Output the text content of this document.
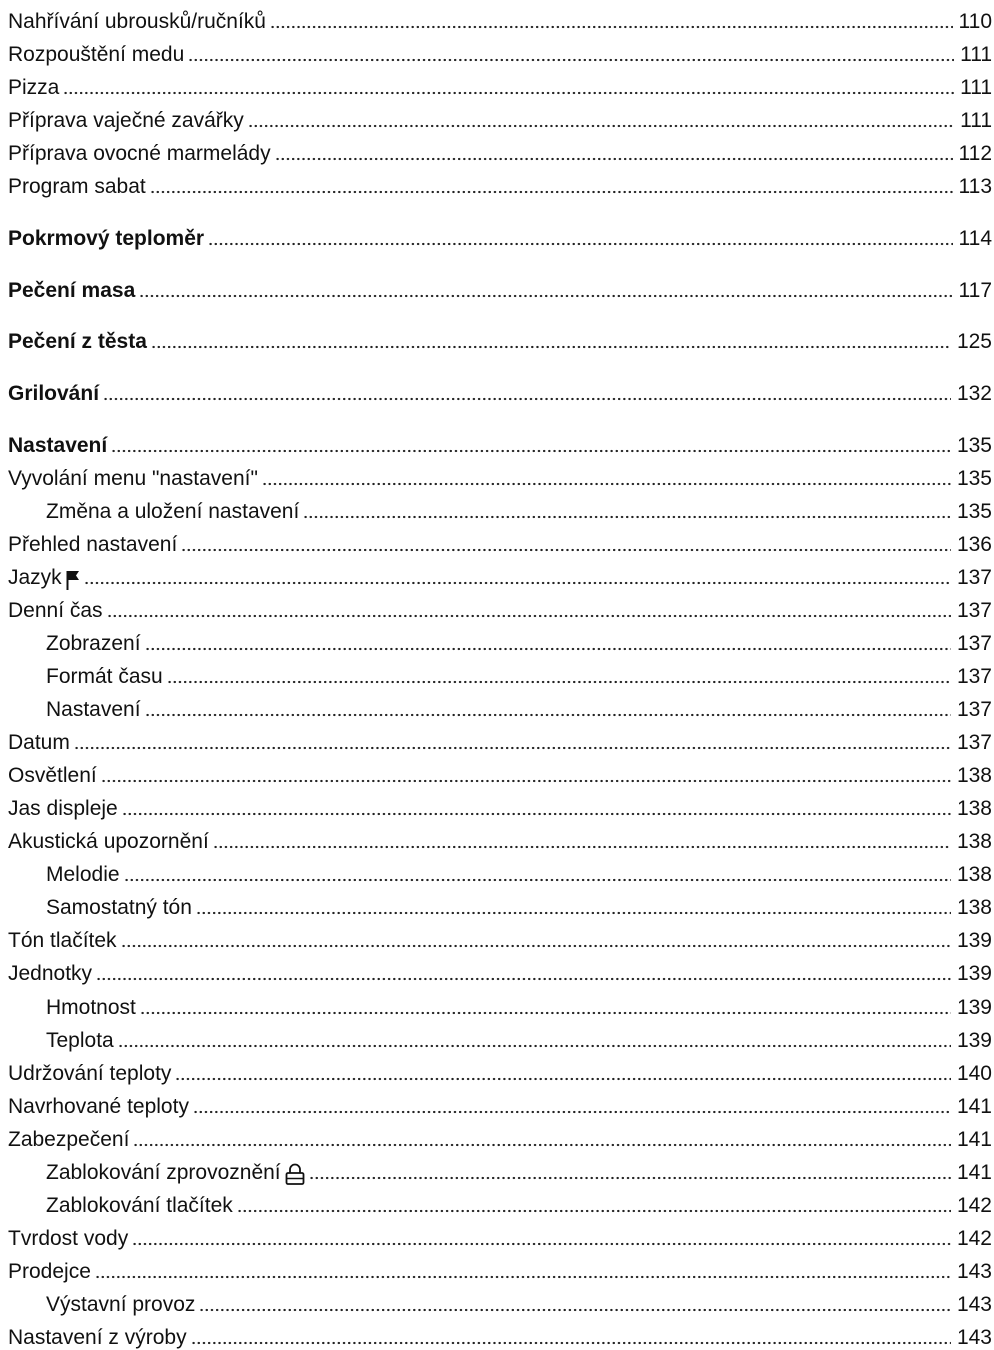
Nahřívání ubrousků/ručníků	110
Rozpouštění medu	111
Pizza	111
Příprava vaječné zavářky	111
Příprava ovocné marmelády	112
Program sabat	113
Pokrmový teploměr	114
Pečení masa	117
Pečení z těsta	125
Grilování	132
Nastavení	135
Vyvolání menu "nastavení"	135
Změna a uložení nastavení	135
Přehled nastavení	136
Jazyk	137
Denní čas	137
Zobrazení	137
Formát času	137
Nastavení	137
Datum	137
Osvětlení	138
Jas displeje	138
Akustická upozornění	138
Melodie	138
Samostatný tón	138
Tón tlačítek	139
Jednotky	139
Hmotnost	139
Teplota	139
Udržování teploty	140
Navrhované teploty	141
Zabezpečení	141
Zablokování zprovoznění	141
Zablokování tlačítek	142
Tvrdost vody	142
Prodejce	143
Výstavní provoz	143
Nastavení z výroby	143
